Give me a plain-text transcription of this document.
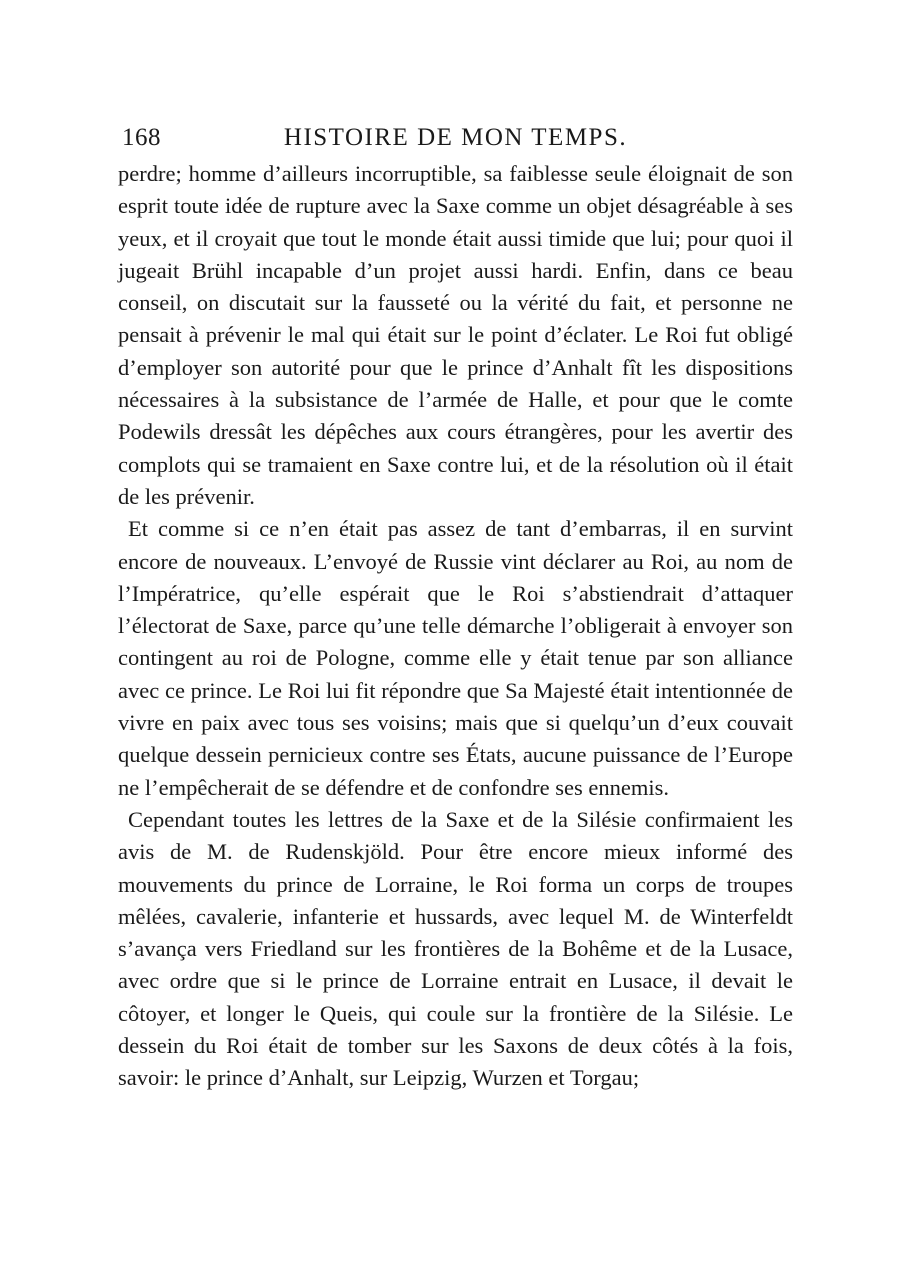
168	HISTOIRE DE MON TEMPS.

perdre; homme d’ailleurs incorruptible, sa faiblesse seule éloignait de son esprit toute idée de rupture avec la Saxe comme un objet désagréable à ses yeux, et il croyait que tout le monde était aussi timide que lui; pour quoi il jugeait Brühl incapable d’un projet aussi hardi. Enfin, dans ce beau conseil, on discutait sur la fausseté ou la vérité du fait, et personne ne pensait à prévenir le mal qui était sur le point d’éclater. Le Roi fut obligé d’employer son autorité pour que le prince d’Anhalt fît les dispositions nécessaires à la subsistance de l’armée de Halle, et pour que le comte Podewils dressât les dépêches aux cours étrangères, pour les avertir des complots qui se tramaient en Saxe contre lui, et de la résolution où il était de les prévenir.

Et comme si ce n’en était pas assez de tant d’embarras, il en survint encore de nouveaux. L’envoyé de Russie vint déclarer au Roi, au nom de l’Impératrice, qu’elle espérait que le Roi s’abstiendrait d’attaquer l’électorat de Saxe, parce qu’une telle démarche l’obligerait à envoyer son contingent au roi de Pologne, comme elle y était tenue par son alliance avec ce prince. Le Roi lui fit répondre que Sa Majesté était intentionnée de vivre en paix avec tous ses voisins; mais que si quelqu’un d’eux couvait quelque dessein pernicieux contre ses États, aucune puissance de l’Europe ne l’empêcherait de se défendre et de confondre ses ennemis.

Cependant toutes les lettres de la Saxe et de la Silésie confirmaient les avis de M. de Rudenskjöld. Pour être encore mieux informé des mouvements du prince de Lorraine, le Roi forma un corps de troupes mêlées, cavalerie, infanterie et hussards, avec lequel M. de Winterfeldt s’avança vers Friedland sur les frontières de la Bohême et de la Lusace, avec ordre que si le prince de Lorraine entrait en Lusace, il devait le côtoyer, et longer le Queis, qui coule sur la frontière de la Silésie. Le dessein du Roi était de tomber sur les Saxons de deux côtés à la fois, savoir: le prince d’Anhalt, sur Leipzig, Wurzen et Torgau;
